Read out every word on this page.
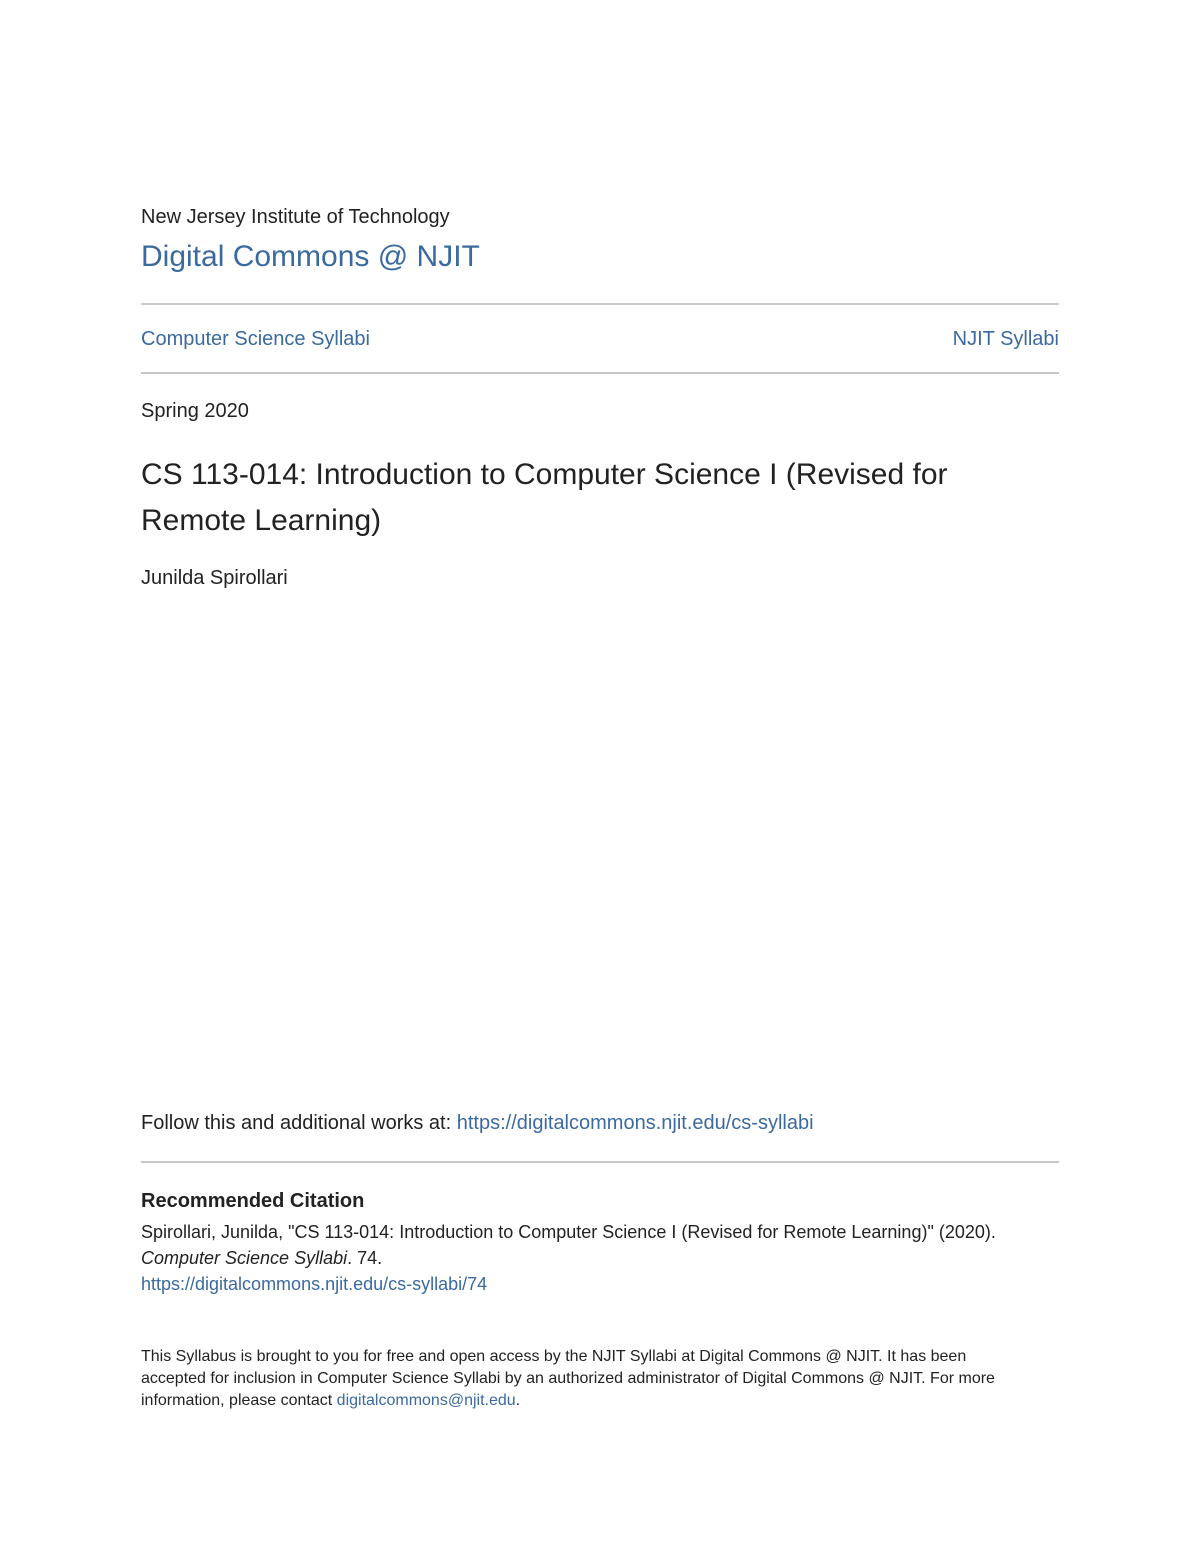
New Jersey Institute of Technology
Digital Commons @ NJIT
Computer Science Syllabi	NJIT Syllabi
Spring 2020
CS 113-014: Introduction to Computer Science I (Revised for Remote Learning)
Junilda Spirollari
Follow this and additional works at: https://digitalcommons.njit.edu/cs-syllabi
Recommended Citation
Spirollari, Junilda, "CS 113-014: Introduction to Computer Science I (Revised for Remote Learning)" (2020). Computer Science Syllabi. 74.
https://digitalcommons.njit.edu/cs-syllabi/74
This Syllabus is brought to you for free and open access by the NJIT Syllabi at Digital Commons @ NJIT. It has been accepted for inclusion in Computer Science Syllabi by an authorized administrator of Digital Commons @ NJIT. For more information, please contact digitalcommons@njit.edu.
